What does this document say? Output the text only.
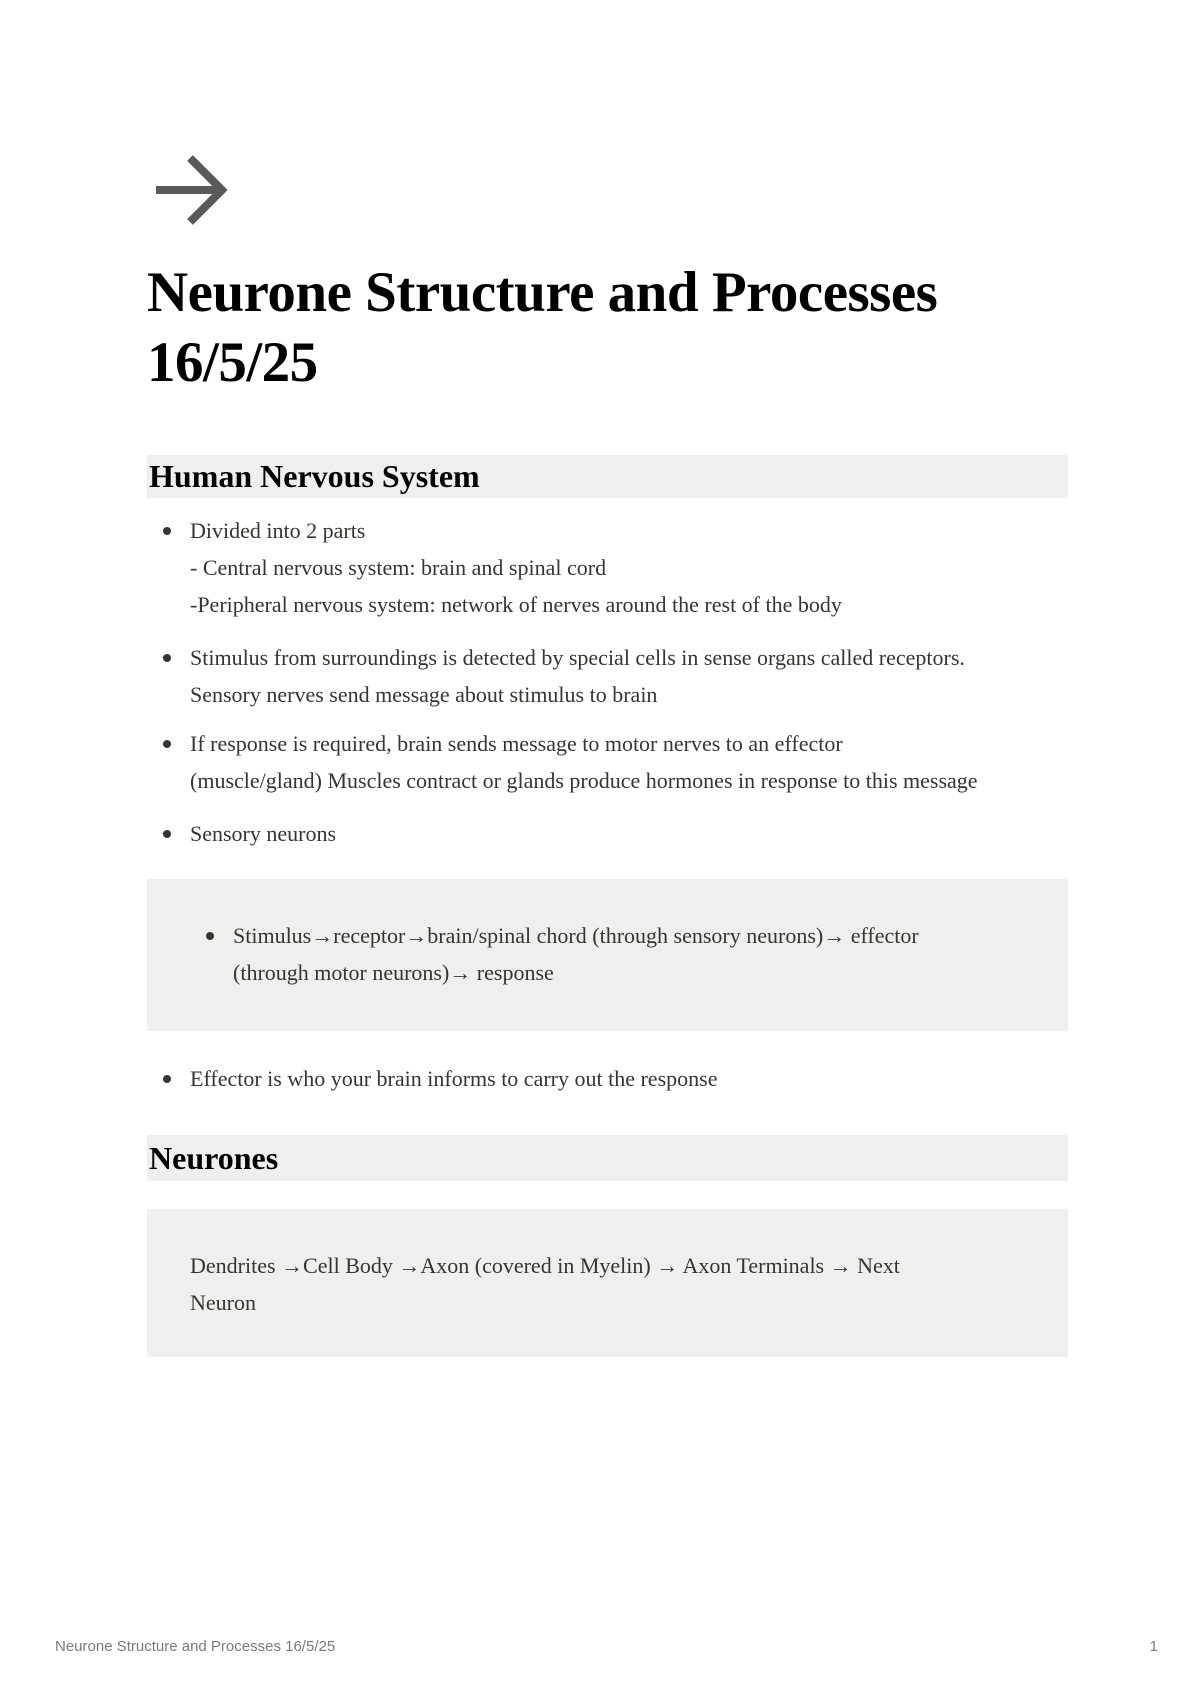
Neurone Structure and Processes
16/5/25
Human Nervous System
Divided into 2 parts
- Central nervous system: brain and spinal cord
-Peripheral nervous system: network of nerves around the rest of the body
Stimulus from surroundings is detected by special cells in sense organs called receptors.
Sensory nerves send message about stimulus to brain
If response is required, brain sends message to motor nerves to an effector
(muscle/gland) Muscles contract or glands produce hormones in response to this message
Sensory neurons
Stimulus→receptor→brain/spinal chord (through sensory neurons)→ effector
(through motor neurons)→ response
Effector is who your brain informs to carry out the response
Neurones

Dendrites →Cell Body →Axon (covered in Myelin) → Axon Terminals → Next
Neuron

Neurone Structure and Processes 16/5/25	1
